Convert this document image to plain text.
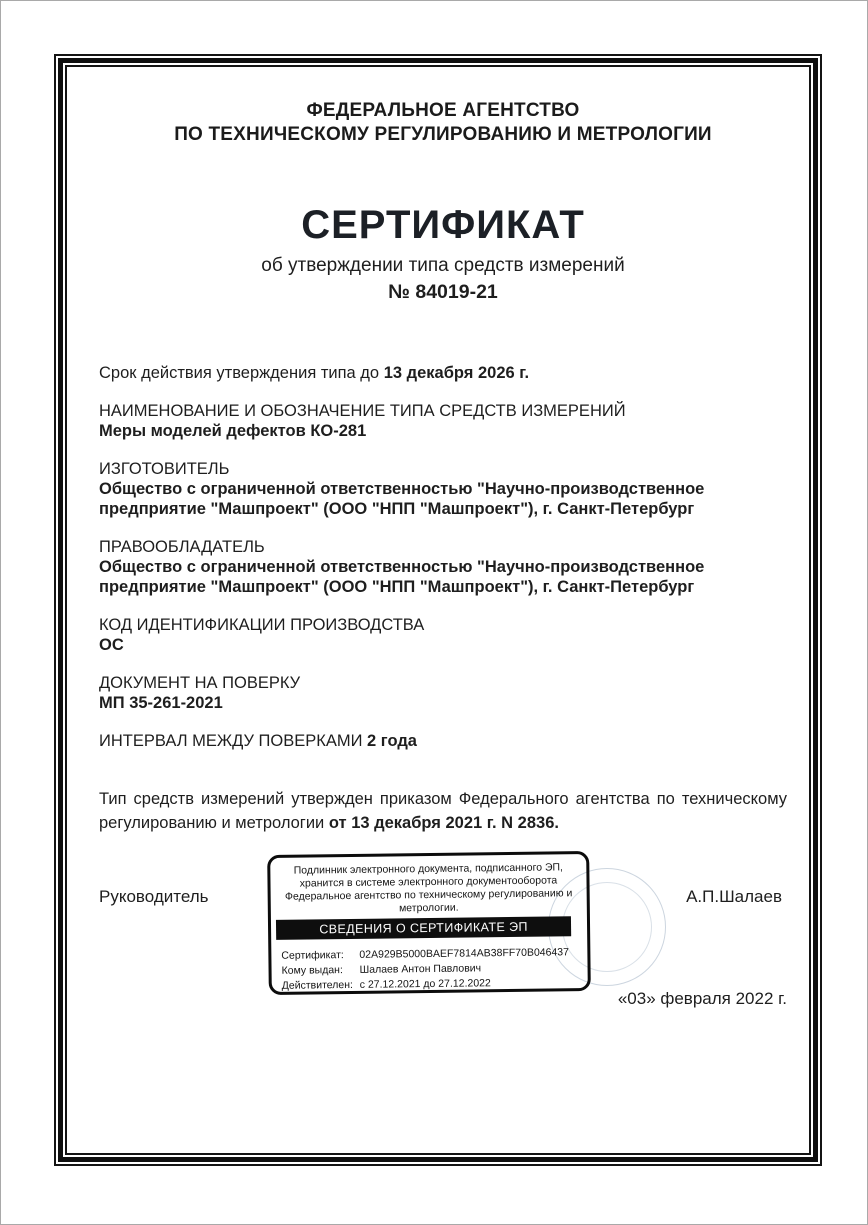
ФЕДЕРАЛЬНОЕ АГЕНТСТВО
ПО ТЕХНИЧЕСКОМУ РЕГУЛИРОВАНИЮ И МЕТРОЛОГИИ
СЕРТИФИКАТ
об утверждении типа средств измерений
№ 84019-21

Срок действия утверждения типа до 13 декабря 2026 г.

НАИМЕНОВАНИЕ И ОБОЗНАЧЕНИЕ ТИПА СРЕДСТВ ИЗМЕРЕНИЙ
Меры моделей дефектов КО-281

ИЗГОТОВИТЕЛЬ
Общество с ограниченной ответственностью "Научно-производственное предприятие "Машпроект" (ООО "НПП "Машпроект"), г. Санкт-Петербург

ПРАВООБЛАДАТЕЛЬ
Общество с ограниченной ответственностью "Научно-производственное предприятие "Машпроект" (ООО "НПП "Машпроект"), г. Санкт-Петербург

КОД ИДЕНТИФИКАЦИИ ПРОИЗВОДСТВА
ОС

ДОКУМЕНТ НА ПОВЕРКУ
МП 35-261-2021

ИНТЕРВАЛ МЕЖДУ ПОВЕРКАМИ 2 года

Тип средств измерений утвержден приказом Федерального агентства по техническому регулированию и метрологии от 13 декабря 2021 г. N 2836.

Руководитель
Подлинник электронного документа, подписанного ЭП,
хранится в системе электронного документооборота
Федеральное агентство по техническому регулированию и
метрологии.
СВЕДЕНИЯ О СЕРТИФИКАТЕ ЭП
Сертификат: 02A929B5000BAEF7814AB38FF70B046437
Кому выдан: Шалаев Антон Павлович
Действителен: с 27.12.2021 до 27.12.2022
А.П.Шалаев
«03» февраля 2022 г.
